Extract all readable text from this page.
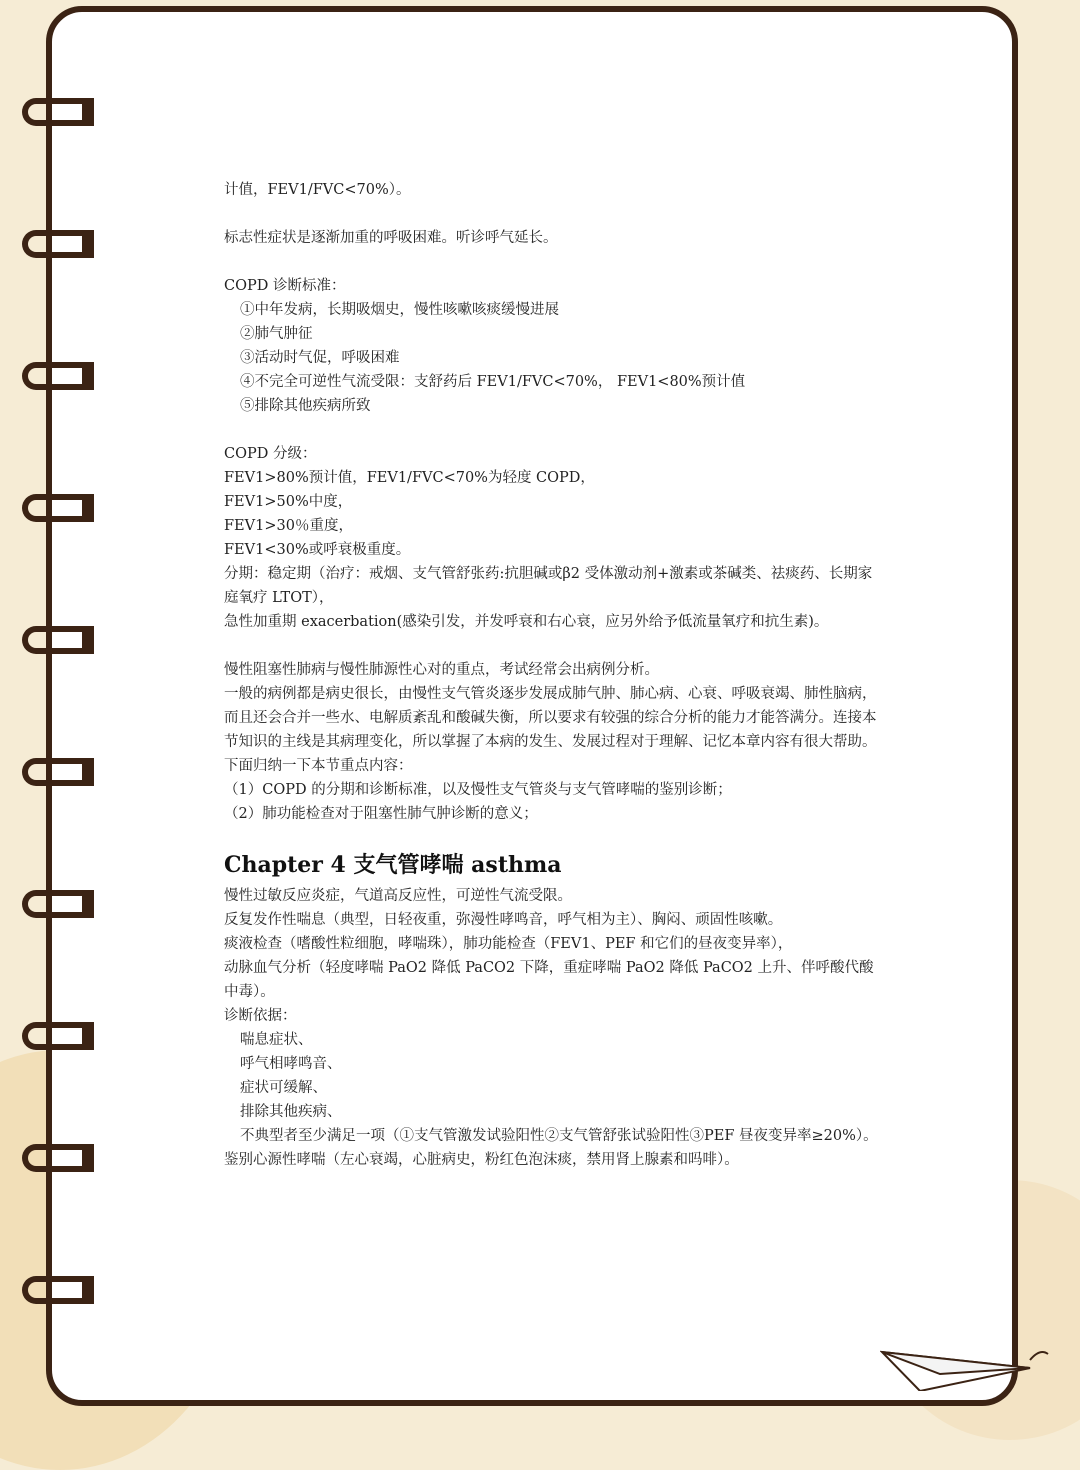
计值，FEV1/FVC<70%）。

标志性症状是逐渐加重的呼吸困难。听诊呼气延长。

COPD 诊断标准：

①中年发病，长期吸烟史，慢性咳嗽咳痰缓慢进展

②肺气肿征

③活动时气促，呼吸困难

④不完全可逆性气流受限：支舒药后 FEV1/FVC<70%， FEV1<80%预计值

⑤排除其他疾病所致

COPD 分级：

FEV1>80%预计值，FEV1/FVC<70%为轻度 COPD，

FEV1>50%中度，

FEV1>30％重度，

FEV1<30%或呼衰极重度。

分期：稳定期（治疗：戒烟、支气管舒张药:抗胆碱或β2 受体激动剂+激素或茶碱类、祛痰药、长期家庭氧疗 LTOT），

急性加重期 exacerbation(感染引发，并发呼衰和右心衰，应另外给予低流量氧疗和抗生素)。

慢性阻塞性肺病与慢性肺源性心对的重点，考试经常会出病例分析。

一般的病例都是病史很长，由慢性支气管炎逐步发展成肺气肿、肺心病、心衰、呼吸衰竭、肺性脑病，而且还会合并一些水、电解质紊乱和酸碱失衡，所以要求有较强的综合分析的能力才能答满分。连接本节知识的主线是其病理变化，所以掌握了本病的发生、发展过程对于理解、记忆本章内容有很大帮助。

下面归纳一下本节重点内容：

（1）COPD 的分期和诊断标准，以及慢性支气管炎与支气管哮喘的鉴别诊断；

（2）肺功能检查对于阻塞性肺气肿诊断的意义；

Chapter 4 支气管哮喘 asthma

慢性过敏反应炎症，气道高反应性，可逆性气流受限。

反复发作性喘息（典型，日轻夜重，弥漫性哮鸣音，呼气相为主）、胸闷、顽固性咳嗽。

痰液检查（嗜酸性粒细胞，哮喘珠），肺功能检查（FEV1、PEF 和它们的昼夜变异率），

动脉血气分析（轻度哮喘 PaO2 降低 PaCO2 下降，重症哮喘 PaO2 降低 PaCO2 上升、伴呼酸代酸中毒）。

诊断依据：

喘息症状、

呼气相哮鸣音、

症状可缓解、

排除其他疾病、

不典型者至少满足一项（①支气管激发试验阳性②支气管舒张试验阳性③PEF 昼夜变异率≥20%）。

鉴别心源性哮喘（左心衰竭，心脏病史，粉红色泡沫痰，禁用肾上腺素和吗啡）。
